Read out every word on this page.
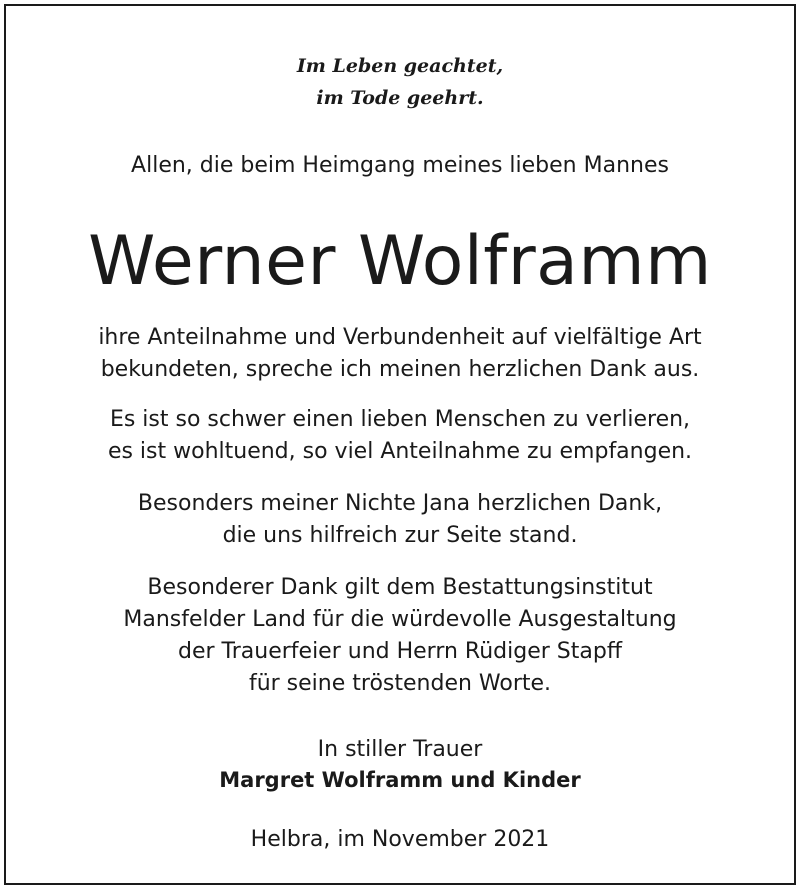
Im Leben geachtet,
im Tode geehrt.
Allen, die beim Heimgang meines lieben Mannes
Werner Wolframm
ihre Anteilnahme und Verbundenheit auf vielfältige Art
bekundeten, spreche ich meinen herzlichen Dank aus.
Es ist so schwer einen lieben Menschen zu verlieren,
es ist wohltuend, so viel Anteilnahme zu empfangen.
Besonders meiner Nichte Jana herzlichen Dank,
die uns hilfreich zur Seite stand.
Besonderer Dank gilt dem Bestattungsinstitut
Mansfelder Land für die würdevolle Ausgestaltung
der Trauerfeier und Herrn Rüdiger Stapff
für seine tröstenden Worte.
In stiller Trauer
Margret Wolframm und Kinder
Helbra, im November 2021
